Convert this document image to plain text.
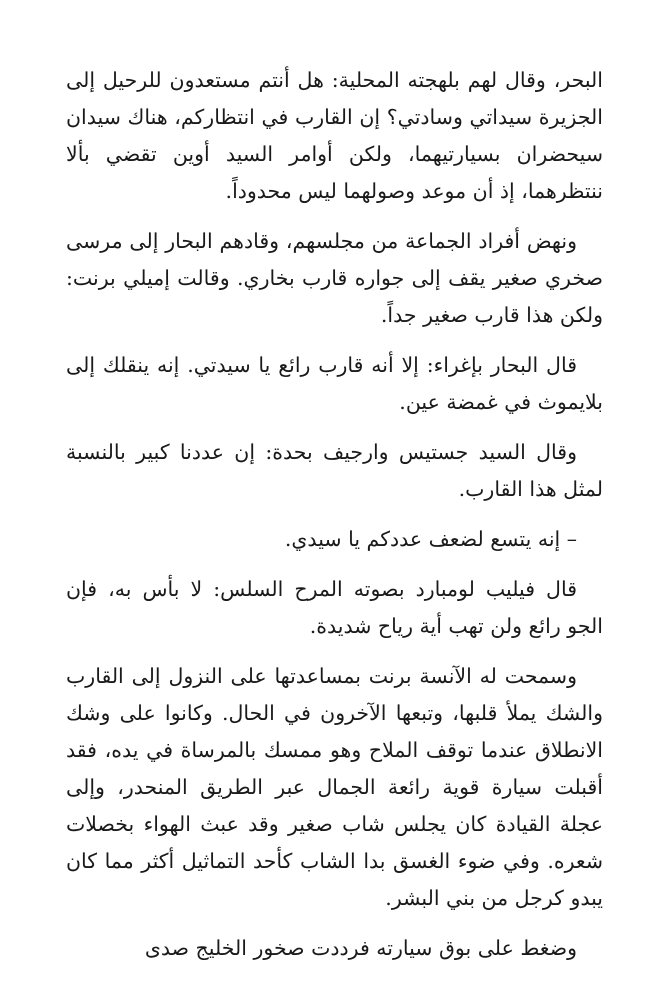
البحر، وقال لهم بلهجته المحلية: هل أنتم مستعدون للرحيل إلى الجزيرة سيداتي وسادتي؟ إن القارب في انتظاركم، هناك سيدان سيحضران بسيارتيهما، ولكن أوامر السيد أوين تقضي بألا ننتظرهما، إذ أن موعد وصولهما ليس محدوداً.

ونهض أفراد الجماعة من مجلسهم، وقادهم البحار إلى مرسى صخري صغير يقف إلى جواره قارب بخاري. وقالت إميلي برنت: ولكن هذا قارب صغير جداً.

قال البحار بإغراء: إلا أنه قارب رائع يا سيدتي. إنه ينقلك إلى بلايموث في غمضة عين.

وقال السيد جستيس وارجيف بحدة: إن عددنا كبير بالنسبة لمثل هذا القارب.

– إنه يتسع لضعف عددكم يا سيدي.

قال فيليب لومبارد بصوته المرح السلس: لا بأس به، فإن الجو رائع ولن تهب أية رياح شديدة.

وسمحت له الآنسة برنت بمساعدتها على النزول إلى القارب والشك يملأ قلبها، وتبعها الآخرون في الحال. وكانوا على وشك الانطلاق عندما توقف الملاح وهو ممسك بالمرساة في يده، فقد أقبلت سيارة قوية رائعة الجمال عبر الطريق المنحدر، وإلى عجلة القيادة كان يجلس شاب صغير وقد عبث الهواء بخصلات شعره. وفي ضوء الغسق بدا الشاب كأحد التماثيل أكثر مما كان يبدو كرجل من بني البشر.

وضغط على بوق سيارته فرددت صخور الخليج صدى
